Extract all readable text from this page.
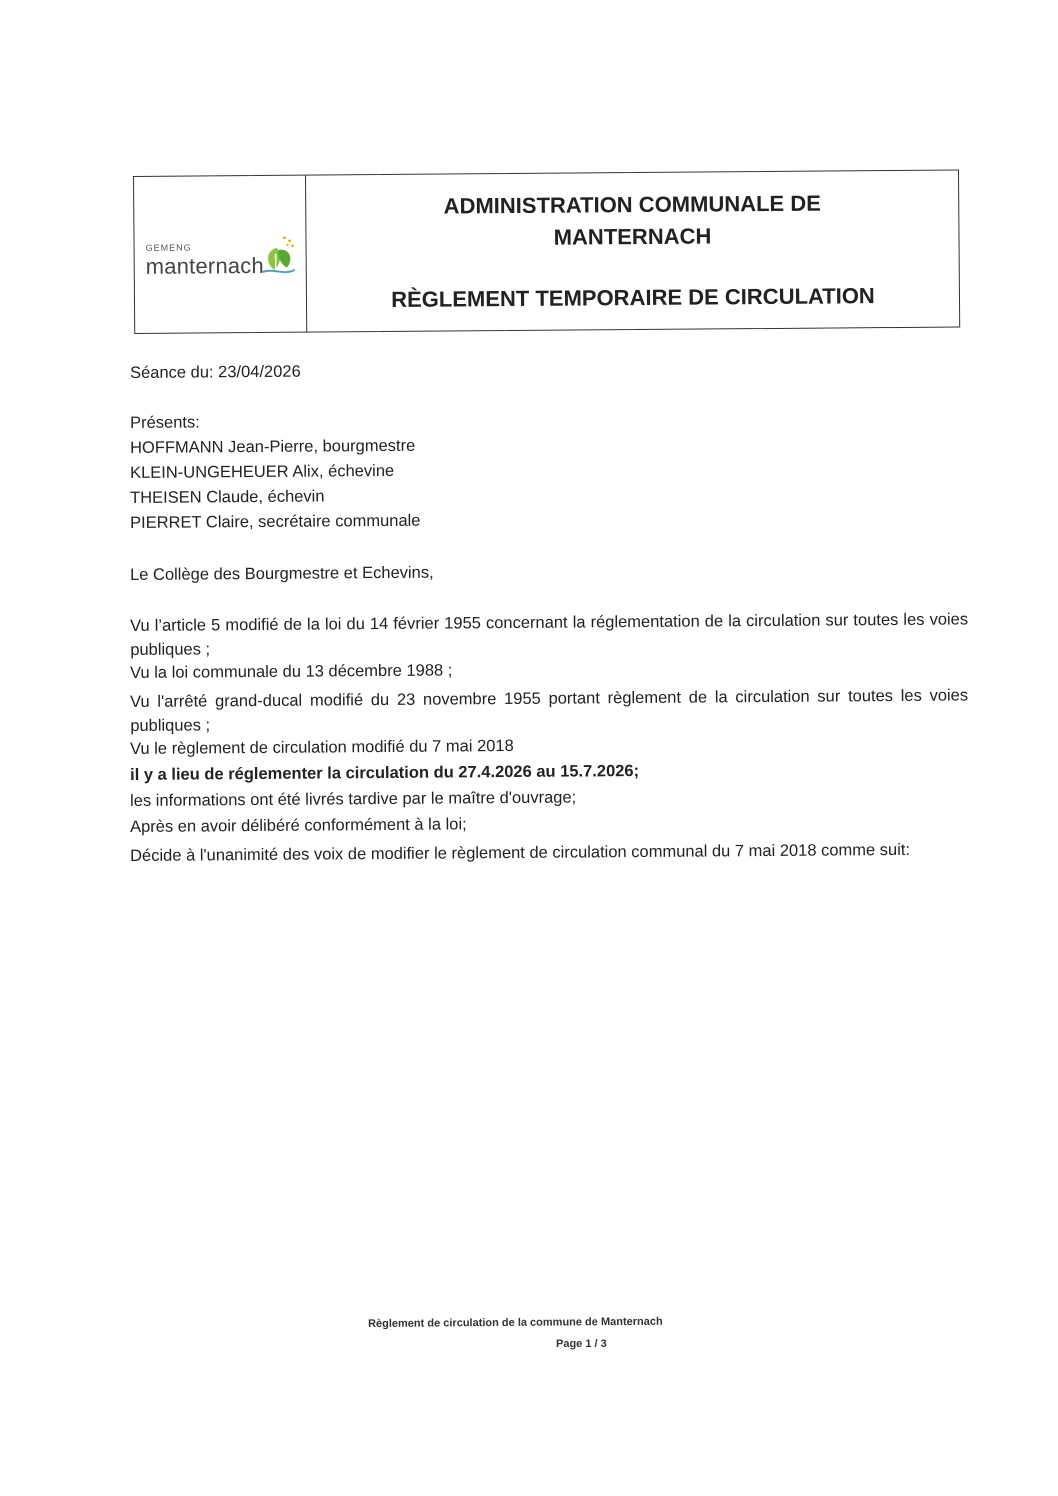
GEMENG
manternach
ADMINISTRATION COMMUNALE DE
MANTERNACH
RÈGLEMENT TEMPORAIRE DE CIRCULATION
Séance du: 23/04/2026
Présents:
HOFFMANN Jean-Pierre, bourgmestre
KLEIN-UNGEHEUER Alix, échevine
THEISEN Claude, échevin
PIERRET Claire, secrétaire communale
Le Collège des Bourgmestre et Echevins,
Vu l’article 5 modifié de la loi du 14 février 1955 concernant la réglementation de la circulation sur toutes les voies publiques ;
Vu la loi communale du 13 décembre 1988 ;
Vu l'arrêté grand-ducal modifié du 23 novembre 1955 portant règlement de la circulation sur toutes les voies publiques ;
Vu le règlement de circulation modifié du 7 mai 2018
il y a lieu de réglementer la circulation du 27.4.2026 au 15.7.2026;
les informations ont été livrés tardive par le maître d'ouvrage;
Après en avoir délibéré conformément à la loi;
Décide à l'unanimité des voix de modifier le règlement de circulation communal du 7 mai 2018 comme suit:
Règlement de circulation de la commune de Manternach
Page 1 / 3
